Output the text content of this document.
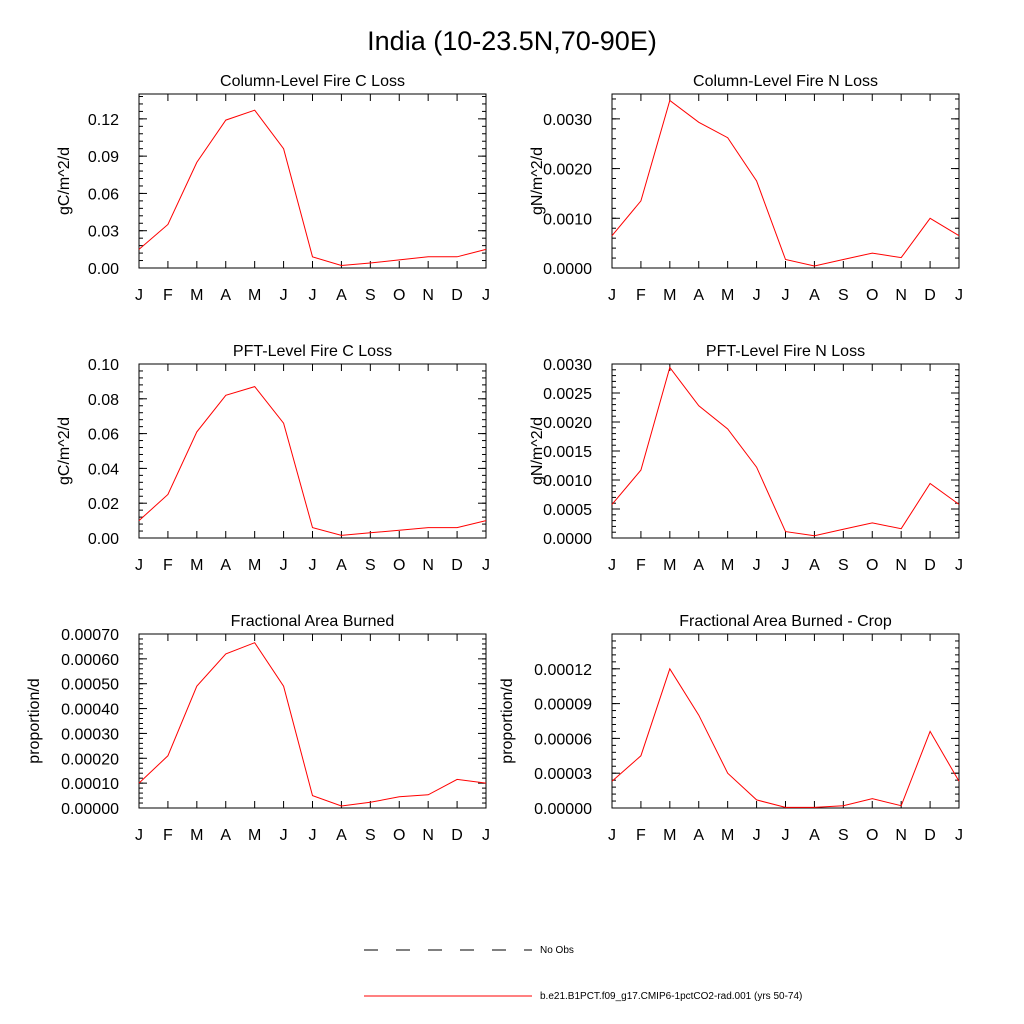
India (10-23.5N,70-90E)
Column-Level Fire C Loss
J F M A M J J A S O N D J
0.00
0.03
0.06
0.09
0.12
gC/m^2/d
Column-Level Fire N Loss
J F M A M J J A S O N D J
0.0000
0.0010
0.0020
0.0030
gN/m^2/d
PFT-Level Fire C Loss
J F M A M J J A S O N D J
0.00
0.02
0.04
0.06
0.08
0.10
gC/m^2/d
PFT-Level Fire N Loss
J F M A M J J A S O N D J
0.0000
0.0005
0.0010
0.0015
0.0020
0.0025
0.0030
gN/m^2/d
Fractional Area Burned
J F M A M J J A S O N D J
0.00000
0.00010
0.00020
0.00030
0.00040
0.00050
0.00060
0.00070
proportion/d
Fractional Area Burned - Crop
J F M A M J J A S O N D J
0.00000
0.00003
0.00006
0.00009
0.00012
proportion/d
No Obs
b.e21.B1PCT.f09_g17.CMIP6-1pctCO2-rad.001 (yrs 50-74)
